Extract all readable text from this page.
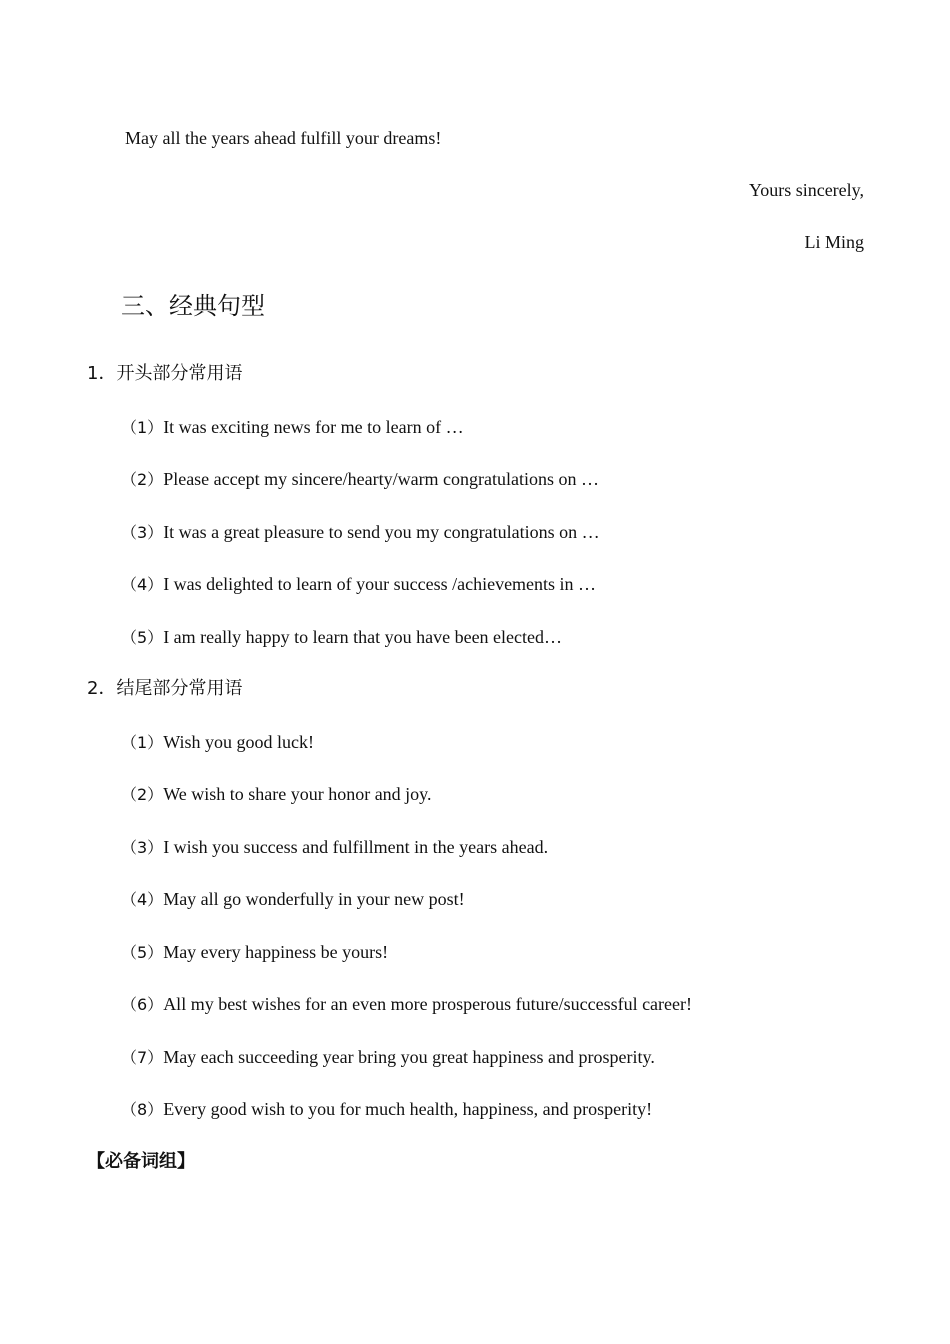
May all the years ahead fulfill your dreams!
Yours sincerely,
Li Ming
三、经典句型
1．开头部分常用语
（1）It was exciting news for me to learn of …
（2）Please accept my sincere/hearty/warm congratulations on …
（3）It was a great pleasure to send you my congratulations on …
（4）I was delighted to learn of your success /achievements in …
（5）I am really happy to learn that you have been elected…
2．结尾部分常用语
（1）Wish you good luck!
（2）We wish to share your honor and joy.
（3）I wish you success and fulfillment in the years ahead.
（4）May all go wonderfully in your new post!
（5）May every happiness be yours!
（6）All my best wishes for an even more prosperous future/successful career!
（7）May each succeeding year bring you great happiness and prosperity.
（8）Every good wish to you for much health, happiness, and prosperity!
【必备词组】
